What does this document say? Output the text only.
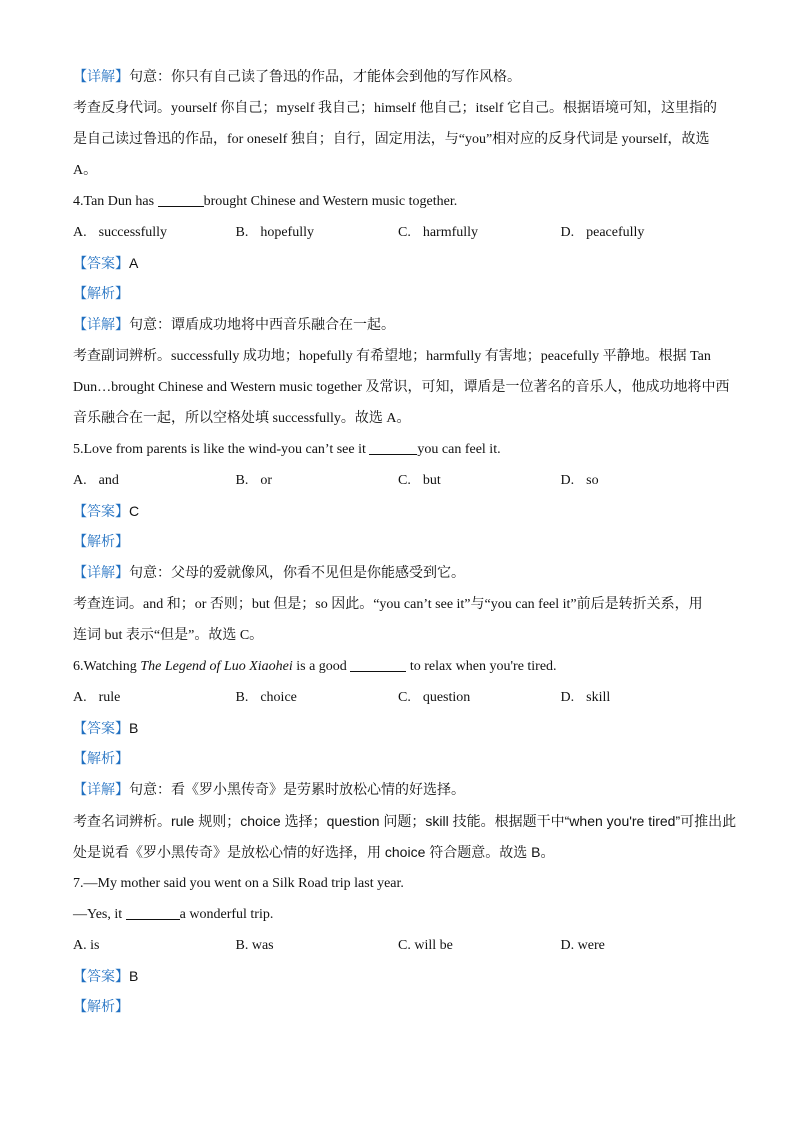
【详解】句意：你只有自己读了鲁迅的作品，才能体会到他的写作风格。
考查反身代词。yourself 你自己；myself 我自己；himself 他自己；itself 它自己。根据语境可知，这里指的
是自己读过鲁迅的作品，for oneself 独自；自行，固定用法，与“you”相对应的反身代词是 yourself，故选
A。
4.Tan Dun has	brought Chinese and Western music together.
A. successfully	B. hopefully	C. harmfully	D. peacefully
【答案】A
【解析】
【详解】句意：谭盾成功地将中西音乐融合在一起。
考查副词辨析。successfully 成功地；hopefully 有希望地；harmfully 有害地；peacefully 平静地。根据 Tan
Dun…brought Chinese and Western music together 及常识，可知，谭盾是一位著名的音乐人，他成功地将中西
音乐融合在一起，所以空格处填 successfully。故选 A。
5.Love from parents is like the wind-you can’t see it	you can feel it.
A. and	B. or	C. but	D. so
【答案】C
【解析】
【详解】句意：父母的爱就像风，你看不见但是你能感受到它。
考查连词。and 和；or 否则；but 但是；so 因此。“you can’t see it”与“you can feel it”前后是转折关系，用
连词 but 表示“但是”。故选 C。
6.Watching The Legend of Luo Xiaohei is a good	to relax when you're tired.
A. rule	B. choice	C. question	D. skill
【答案】B
【解析】
【详解】句意：看《罗小黑传奇》是劳累时放松心情的好选择。
考查名词辨析。rule 规则；choice 选择；question 问题；skill 技能。根据题干中“when you're tired”可推出此
处是说看《罗小黑传奇》是放松心情的好选择，用 choice 符合题意。故选 B。
7.—My mother said you went on a Silk Road trip last year.
—Yes, it	a wonderful trip.
A. is	B. was	C. will be	D. were
【答案】B
【解析】
